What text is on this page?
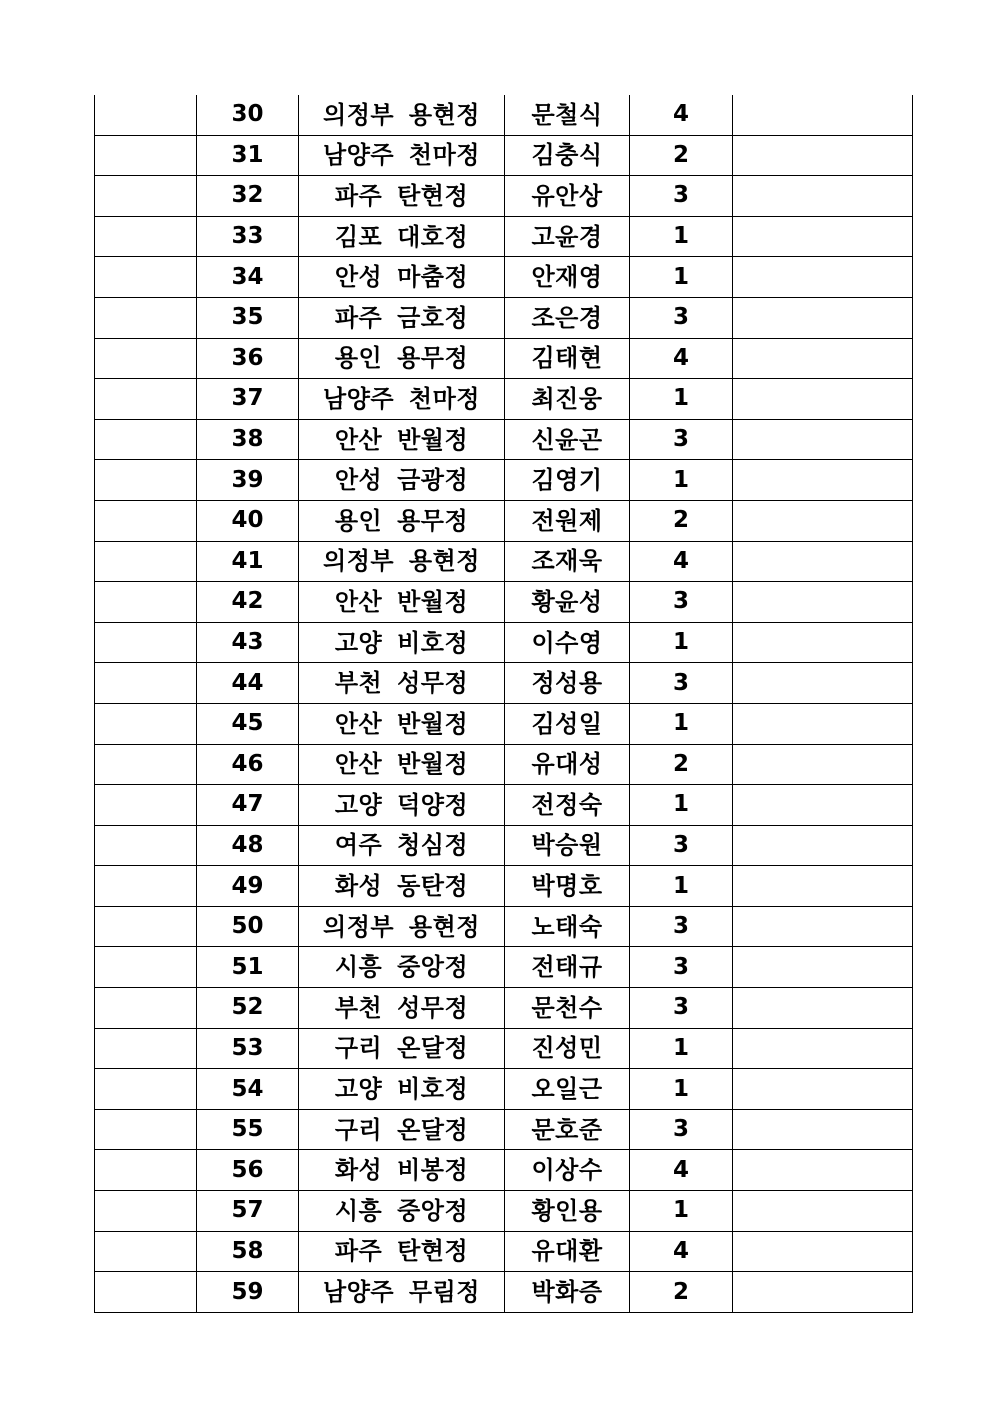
	30	의정부 용현정	문철식	4	
	31	남양주 천마정	김충식	2	
	32	파주 탄현정	유안상	3	
	33	김포 대호정	고윤경	1	
	34	안성 마춤정	안재영	1	
	35	파주 금호정	조은경	3	
	36	용인 용무정	김태현	4	
	37	남양주 천마정	최진웅	1	
	38	안산 반월정	신윤곤	3	
	39	안성 금광정	김영기	1	
	40	용인 용무정	전원제	2	
	41	의정부 용현정	조재욱	4	
	42	안산 반월정	황윤성	3	
	43	고양 비호정	이수영	1	
	44	부천 성무정	정성용	3	
	45	안산 반월정	김성일	1	
	46	안산 반월정	유대성	2	
	47	고양 덕양정	전정숙	1	
	48	여주 청심정	박승원	3	
	49	화성 동탄정	박명호	1	
	50	의정부 용현정	노태숙	3	
	51	시흥 중앙정	전태규	3	
	52	부천 성무정	문천수	3	
	53	구리 온달정	진성민	1	
	54	고양 비호정	오일근	1	
	55	구리 온달정	문호준	3	
	56	화성 비봉정	이상수	4	
	57	시흥 중앙정	황인용	1	
	58	파주 탄현정	유대환	4	
	59	남양주 무림정	박화증	2	
